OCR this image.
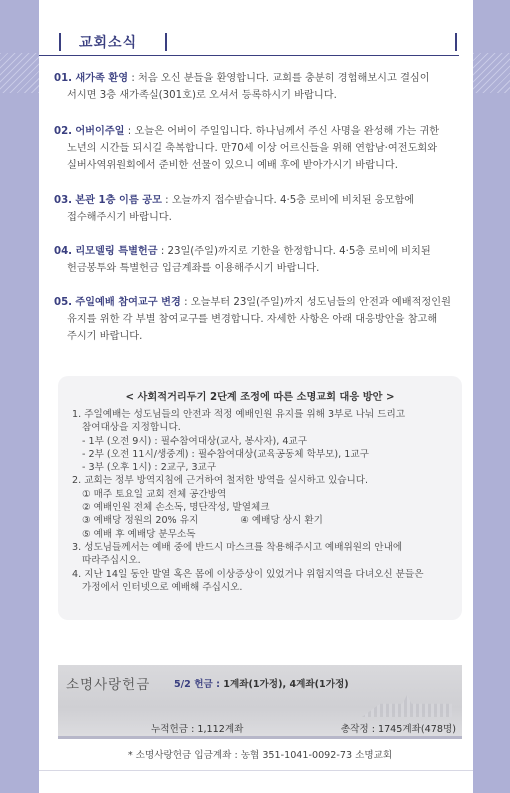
교회소식
01. 새가족 환영 : 처음 오신 분들을 환영합니다. 교회를 충분히 경험해보시고 결심이
서시면 3층 새가족실(301호)로 오셔서 등록하시기 바랍니다.
02. 어버이주일 : 오늘은 어버이 주일입니다. 하나님께서 주신 사명을 완성해 가는 귀한
노년의 시간들 되시길 축복합니다. 만70세 이상 어르신들을 위해 연합남·여전도회와
실버사역위원회에서 준비한 선물이 있으니 예배 후에 받아가시기 바랍니다.
03. 본관 1층 이름 공모 : 오늘까지 접수받습니다. 4·5층 로비에 비치된 응모함에
접수해주시기 바랍니다.
04. 리모델링 특별헌금 : 23일(주일)까지로 기한을 한정합니다. 4·5층 로비에 비치된
헌금봉투와 특별헌금 입금계좌를 이용해주시기 바랍니다.
05. 주일예배 참여교구 변경 : 오늘부터 23일(주일)까지 성도님들의 안전과 예배적정인원
유지를 위한 각 부별 참여교구를 변경합니다. 자세한 사항은 아래 대응방안을 참고해
주시기 바랍니다.
< 사회적거리두기 2단계 조정에 따른 소명교회 대응 방안 >
1. 주일예배는 성도님들의 안전과 적정 예배인원 유지를 위해 3부로 나눠 드리고
참여대상을 지정합니다.
- 1부 (오전 9시) : 필수참여대상(교사, 봉사자), 4교구
- 2부 (오전 11시/생중계) : 필수참여대상(교육공동체 학부모), 1교구
- 3부 (오후 1시) : 2교구, 3교구
2. 교회는 정부 방역지침에 근거하여 철저한 방역을 실시하고 있습니다.
① 매주 토요일 교회 전체 공간방역
② 예배인원 전체 손소독, 명단작성, 발열체크
③ 예배당 정원의 20% 유지	④ 예배당 상시 환기
⑤ 예배 후 예배당 분무소독
3. 성도님들께서는 예배 중에 반드시 마스크를 착용해주시고 예배위원의 안내에
따라주십시오.
4. 지난 14일 동안 발열 혹은 몸에 이상증상이 있었거나 위험지역을 다녀오신 분들은
가정에서 인터넷으로 예배해 주십시오.
소명사랑헌금 5/2 헌금 : 1계좌(1가정), 4계좌(1가정)
누적헌금 : 1,112계좌	총작정 : 1745계좌(478명)
* 소명사랑헌금 입금계좌 : 농협 351-1041-0092-73 소명교회
